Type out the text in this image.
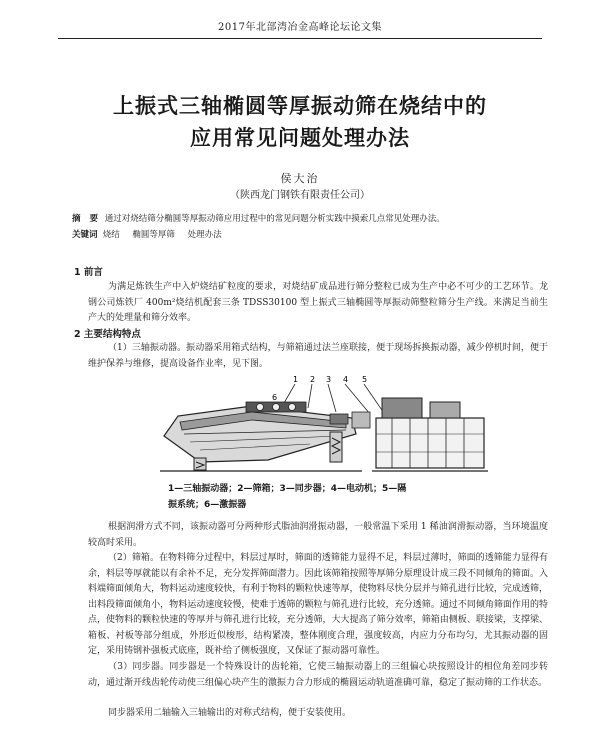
2017年北部湾冶金高峰论坛论文集
上振式三轴椭圆等厚振动筛在烧结中的
应用常见问题处理办法
侯大治
（陕西龙门钢铁有限责任公司）
摘 要 通过对烧结筛分椭圆等厚振动筛应用过程中的常见问题分析实践中摸索几点常见处理办法。
关键词 烧结 椭圆等厚筛 处理办法
1 前言

为满足炼铁生产中入炉烧结矿粒度的要求，对烧结矿成品进行筛分整粒已成为生产中必不可少的工艺环节。龙钢公司炼铁厂 400m²烧结机配套三条 TDSS30100 型上振式三轴椭圆等厚振动筛整粒筛分生产线。来满足当前生产大的处理量和筛分效率。

2 主要结构特点

（1）三轴振动器。振动器采用箱式结构，与筛箱通过法兰座联接，便于现场拆换振动器，减少停机时间，便于维护保养与维修，提高设备作业率，见下图。

1 2 3 4 5
6
1—三轴振动器；2—筛箱；3—同步器；4—电动机；5—隔
振系统；6—激振器

根据润滑方式不同，该振动器可分两种形式脂油润滑振动器，一般常温下采用 1 稀油润滑振动器，当环境温度较高时采用。

（2）筛箱。在物料筛分过程中，料层过厚时，筛面的透筛能力显得不足，料层过薄时，筛面的透筛能力显得有余，料层等厚就能以有余补不足，充分发挥筛面潜力。因此该筛箱按照等厚筛分原理设计成三段不同倾角的筛面。入料端筛面倾角大，物料运动速度较快，有利于物料的颗粒快速等厚，使物料尽快分层并与筛孔进行比较，完成透筛，出料段筛面倾角小，物料运动速度较慢，使难于透筛的颗粒与筛孔进行比较，充分透筛。通过不同倾角筛面作用的特点，使物料的颗粒快速的等厚并与筛孔进行比较，充分透筛，大大提高了筛分效率，筛箱由侧板、联接梁，支撑梁、箱板、衬板等部分组成，外形近似梭形，结构紧凑，整体刚度合理，强度较高，内应力分布均匀，尤其振动器的固定，采用铸钢补强板式底座，既补给了侧板强度，又保证了振动器可靠性。

（3）同步器。同步器是一个特殊设计的齿轮箱，它使三轴振动器上的三组偏心块按照设计的相位角差同步转动，通过渐开线齿轮传动使三组偏心块产生的激振力合力形成的椭圆运动轨道准确可靠，稳定了振动筛的工作状态。

同步器采用二轴输入三轴输出的对称式结构，便于安装使用。
